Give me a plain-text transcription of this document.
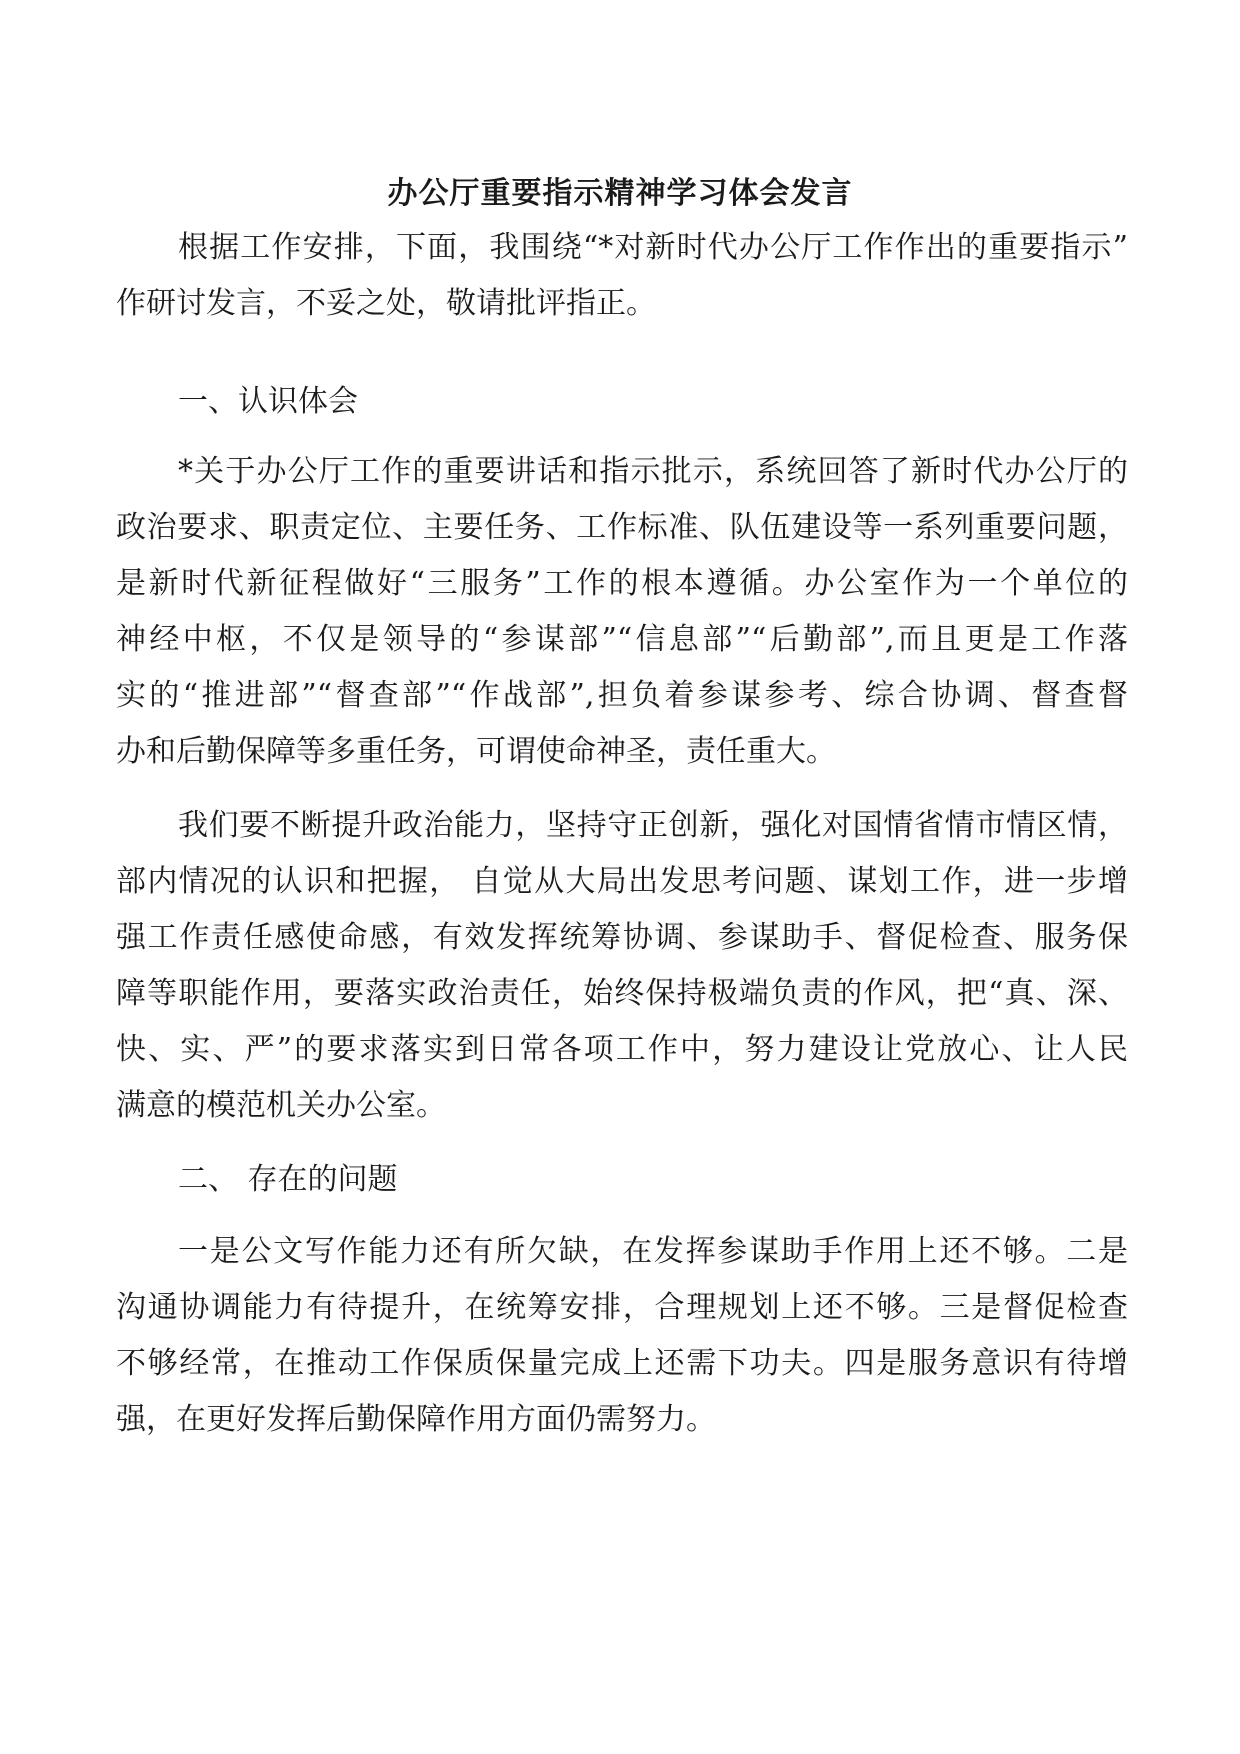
办公厅重要指示精神学习体会发言
根据工作安排，下面，我围绕“*对新时代办公厅工作作出的重要指示”
作研讨发言，不妥之处，敬请批评指正。
一、认识体会
*关于办公厅工作的重要讲话和指示批示，系统回答了新时代办公厅的
政治要求、职责定位、主要任务、工作标准、队伍建设等一系列重要问题，
是新时代新征程做好“三服务”工作的根本遵循。办公室作为一个单位的
神经中枢，不仅是领导的“参谋部”“信息部”“后勤部”,而且更是工作落
实的“推进部”“督查部”“作战部”,担负着参谋参考、综合协调、督查督
办和后勤保障等多重任务，可谓使命神圣，责任重大。
我们要不断提升政治能力，坚持守正创新，强化对国情省情市情区情，
部内情况的认识和把握， 自觉从大局出发思考问题、谋划工作，进一步增
强工作责任感使命感，有效发挥统筹协调、参谋助手、督促检查、服务保
障等职能作用，要落实政治责任，始终保持极端负责的作风，把“真、深、
快、实、严”的要求落实到日常各项工作中，努力建设让党放心、让人民
满意的模范机关办公室。
二、 存在的问题
一是公文写作能力还有所欠缺，在发挥参谋助手作用上还不够。二是
沟通协调能力有待提升，在统筹安排，合理规划上还不够。三是督促检查
不够经常，在推动工作保质保量完成上还需下功夫。四是服务意识有待增
强，在更好发挥后勤保障作用方面仍需努力。
